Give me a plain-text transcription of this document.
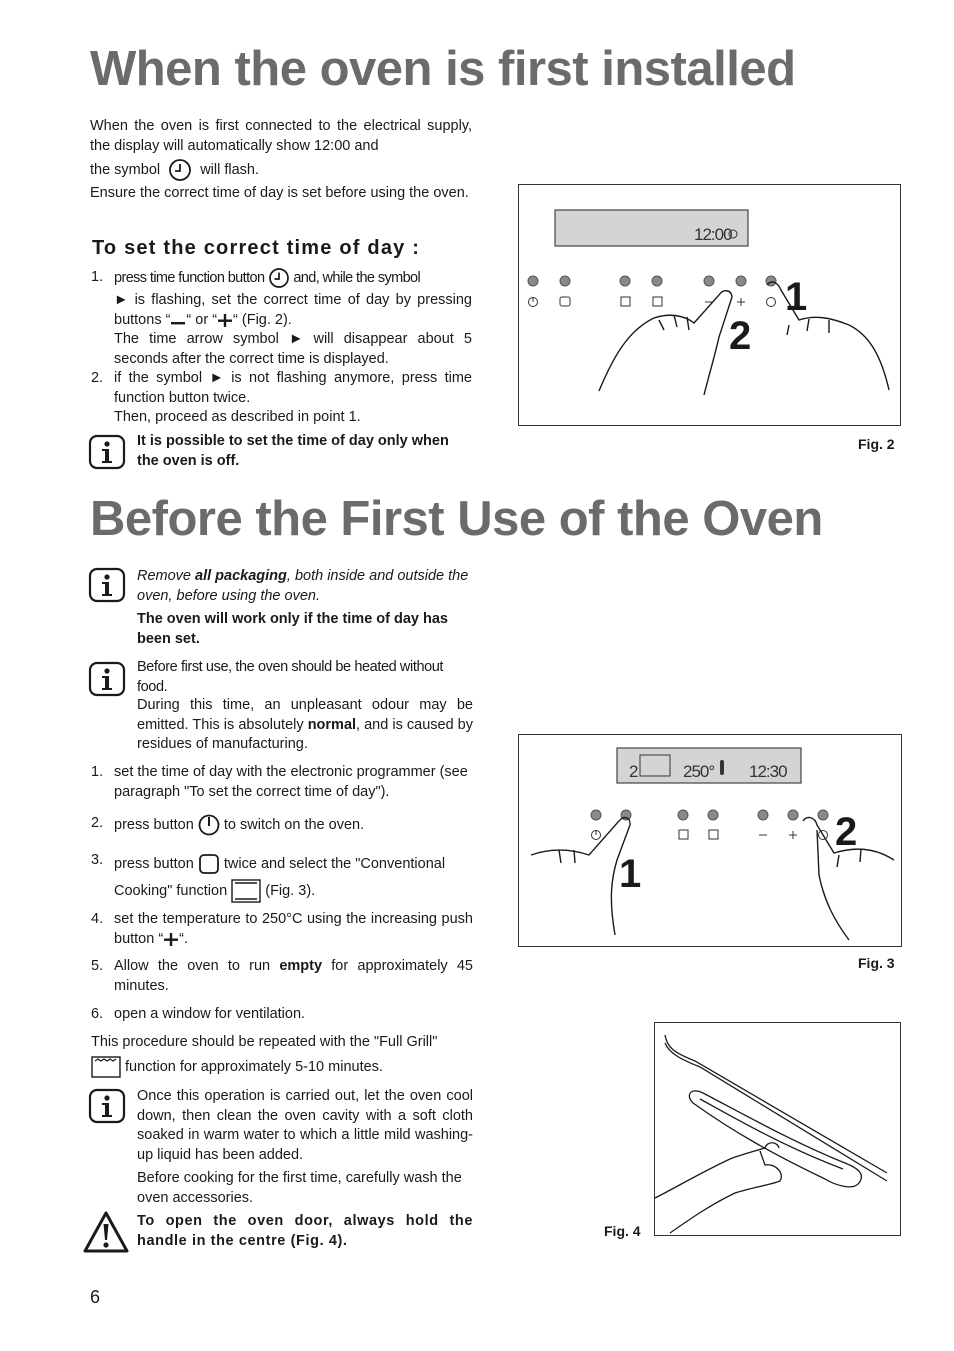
When the oven is first installed
When the oven is first connected to the electrical supply, the display will automatically show 12:00 and
the symbol	will flash.
Ensure the correct time of day is set before using the oven.
To set the correct time of day :
1. press time function button and, while the symbol
► is flashing, set the correct time of day by pressing buttons “ “ or “ “ (Fig. 2).
The time arrow symbol ► will disappear about 5 seconds after the correct time is displayed.
2. if the symbol ► is not flashing anymore, press time function button twice.
Then, proceed as described in point 1.
It is possible to set the time of day only when the oven is off.
12:00
1
2
Fig. 2
Before the First Use of the Oven
Remove all packaging, both inside and outside the oven, before using the oven.
The oven will work only if the time of day has been set.
Before first use, the oven should be heated without food.
During this time, an unpleasant odour may be emitted. This is absolutely normal, and is caused by residues of manufacturing.
1. set the time of day with the electronic programmer (see paragraph "To set the correct time of day").
2. press button to switch on the oven.
3. press button twice and select the "Conventional Cooking" function	(Fig. 3).
4. set the temperature to 250°C using the increasing push button “ “.
5. Allow the oven to run empty for approximately 45 minutes.
6. open a window for ventilation.
This procedure should be repeated with the "Full Grill"
function for approximately 5-10 minutes.
Once this operation is carried out, let the oven cool down, then clean the oven cavity with a soft cloth soaked in warm water to which a little mild washing-up liquid has been added.
Before cooking for the first time, carefully wash the oven accessories.
To open the oven door, always hold the handle in the centre (Fig. 4).
2	250° 12:30
1
2
Fig. 3
Fig. 4
6
